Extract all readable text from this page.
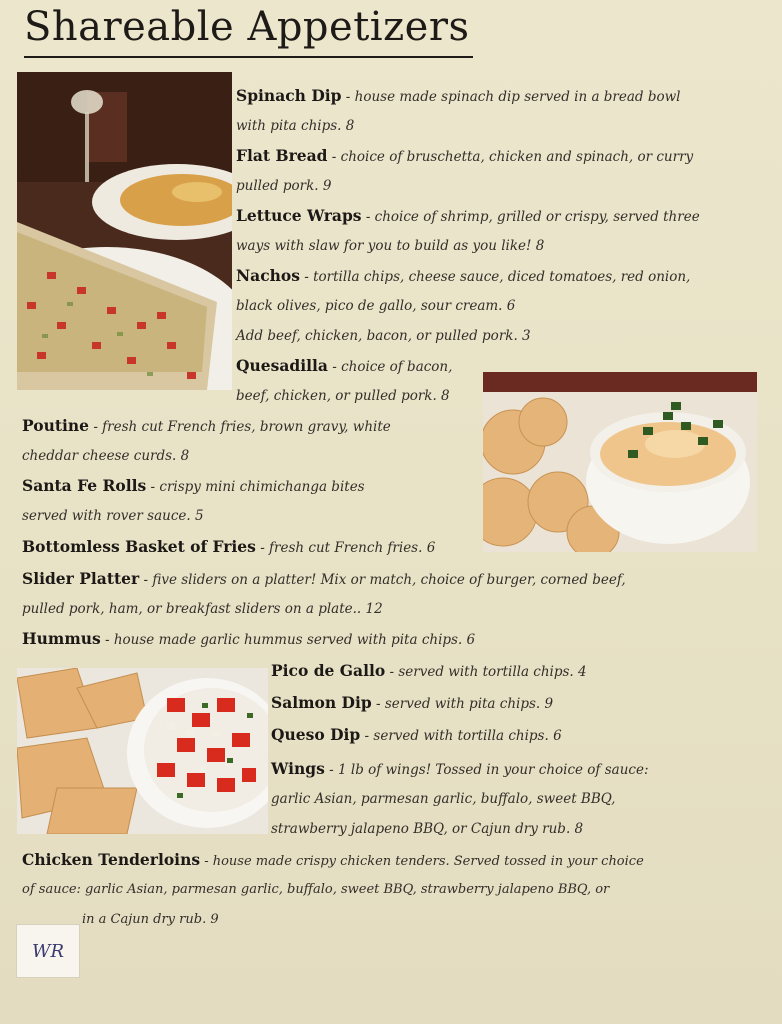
Shareable Appetizers
Spinach Dip - house made spinach dip served in a bread bowl
with pita chips. 8
Flat Bread - choice of bruschetta, chicken and spinach, or curry
pulled pork. 9
Lettuce Wraps - choice of shrimp, grilled or crispy, served three
ways with slaw for you to build as you like! 8
Nachos - tortilla chips, cheese sauce, diced tomatoes, red onion,
black olives, pico de gallo, sour cream. 6
Add beef, chicken, bacon, or pulled pork. 3
Quesadilla - choice of bacon,
beef, chicken, or pulled pork. 8
Poutine - fresh cut French fries, brown gravy, white
cheddar cheese curds. 8
Santa Fe Rolls - crispy mini chimichanga bites
served with rover sauce. 5
Bottomless Basket of Fries - fresh cut French fries. 6
Slider Platter - five sliders on a platter! Mix or match, choice of burger, corned beef,
pulled pork, ham, or breakfast sliders on a plate.. 12
Hummus - house made garlic hummus served with pita chips. 6
Pico de Gallo - served with tortilla chips. 4
Salmon Dip - served with pita chips. 9
Queso Dip - served with tortilla chips. 6
Wings - 1 lb of wings! Tossed in your choice of sauce:
garlic Asian, parmesan garlic, buffalo, sweet BBQ,
strawberry jalapeno BBQ, or Cajun dry rub. 8
Chicken Tenderloins - house made crispy chicken tenders. Served tossed in your choice
of sauce: garlic Asian, parmesan garlic, buffalo, sweet BBQ, strawberry jalapeno BBQ, or
in a Cajun dry rub. 9
WR
